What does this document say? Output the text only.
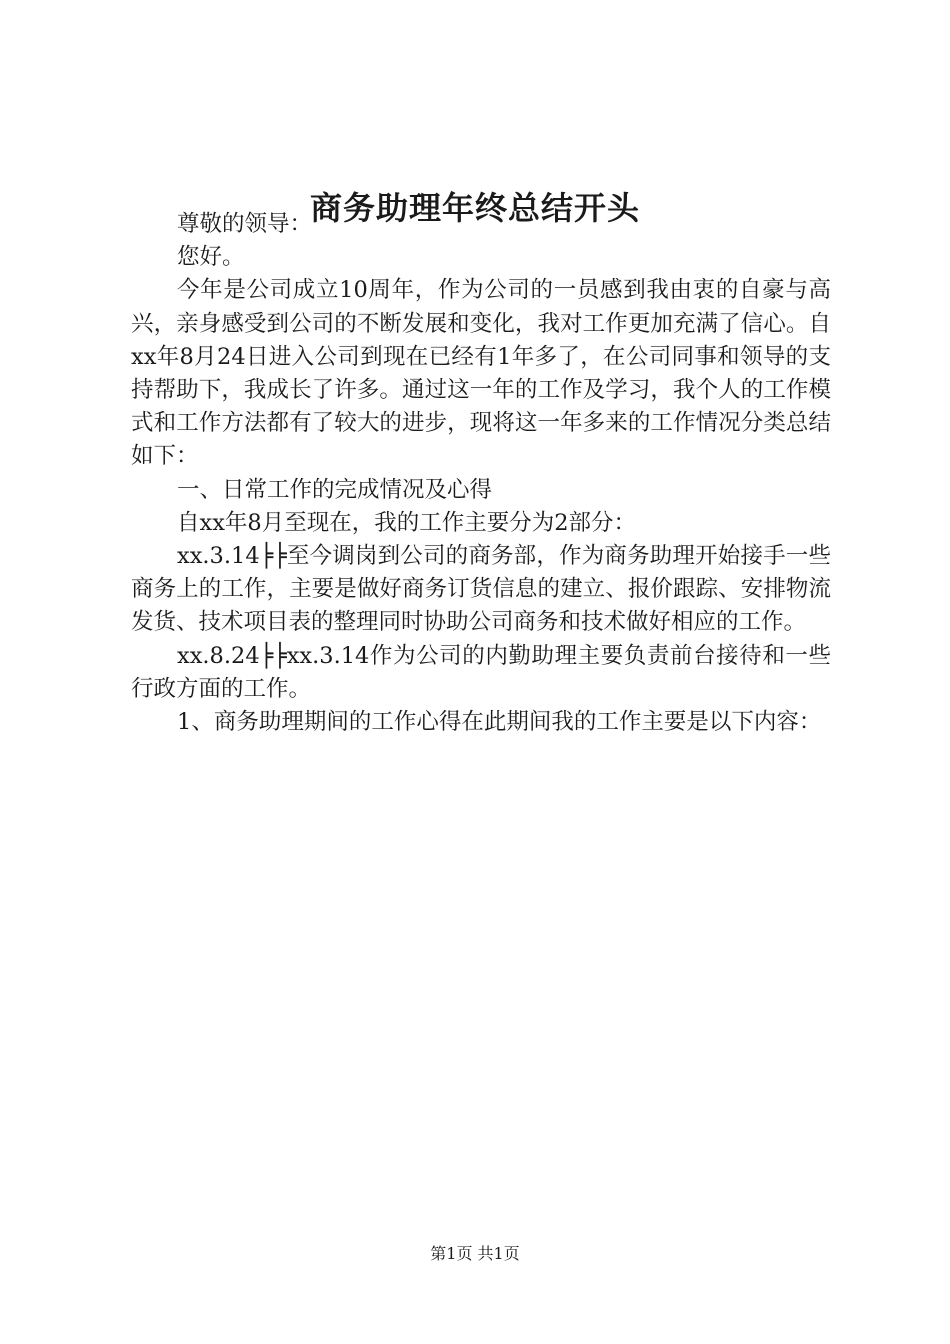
商务助理年终总结开头

尊敬的领导：

您好。

今年是公司成立10周年，作为公司的一员感到我由衷的自豪与高兴，亲身感受到公司的不断发展和变化，我对工作更加充满了信心。自xx年8月24日进入公司到现在已经有1年多了，在公司同事和领导的支持帮助下，我成长了许多。通过这一年的工作及学习，我个人的工作模式和工作方法都有了较大的进步，现将这一年多来的工作情况分类总结如下：

一、日常工作的完成情况及心得

自xx年8月至现在，我的工作主要分为2部分：

xx.3.14╞╞至今调岗到公司的商务部，作为商务助理开始接手一些商务上的工作，主要是做好商务订货信息的建立、报价跟踪、安排物流发货、技术项目表的整理同时协助公司商务和技术做好相应的工作。

xx.8.24╞╞xx.3.14作为公司的内勤助理主要负责前台接待和一些行政方面的工作。

1、商务助理期间的工作心得在此期间我的工作主要是以下内容：

第1页 共1页
